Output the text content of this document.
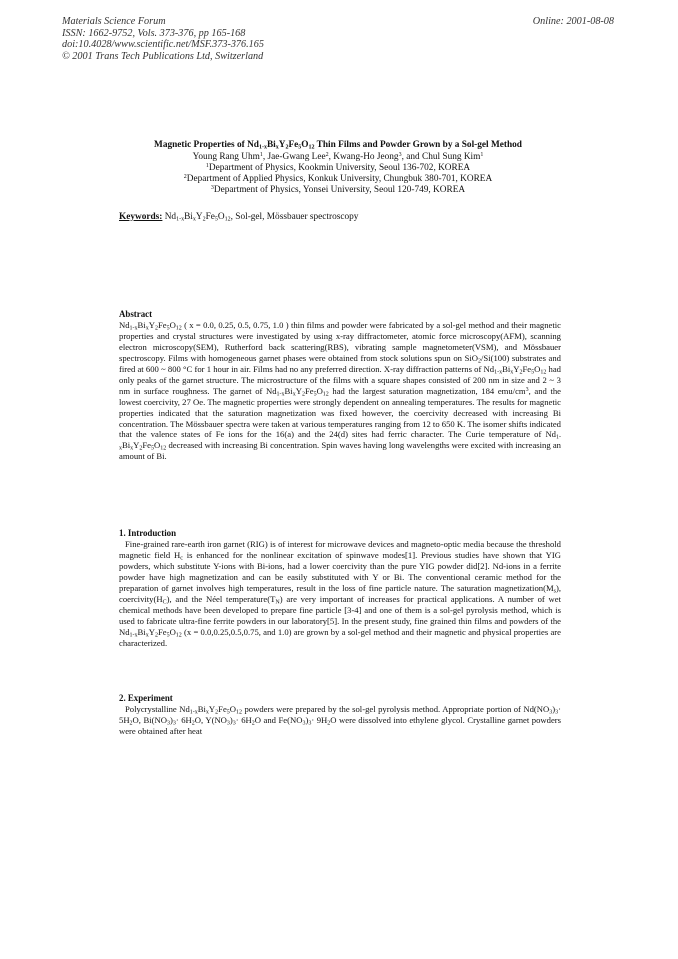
Materials Science Forum
ISSN: 1662-9752, Vols. 373-376, pp 165-168
doi:10.4028/www.scientific.net/MSF.373-376.165
© 2001 Trans Tech Publications Ltd, Switzerland
Online: 2001-08-08
Magnetic Properties of $Nd_{1-x}Bi_xY_2Fe_5O_{12}$ Thin Films and Powder Grown by a Sol-gel Method
Young Rang Uhm$^1$, Jae-Gwang Lee$^2$, Kwang-Ho Jeong$^3$, and Chul Sung Kim$^1$
$^1$Department of Physics, Kookmin University, Seoul 136-702, KOREA
$^2$Department of Applied Physics, Konkuk University, Chungbuk 380-701, KOREA
$^3$Department of Physics, Yonsei University, Seoul 120-749, KOREA
Keywords: $Nd_{1-x}Bi_xY_2Fe_5O_{12}$, Sol-gel, Mössbauer spectroscopy
Abstract

$Nd_{1-x}Bi_xY_2Fe_5O_{12}$ ( x = 0.0, 0.25, 0.5, 0.75, 1.0 ) thin films and powder were fabricated by a sol-gel method and their magnetic properties and crystal structures were investigated by using x-ray diffractometer, atomic force microscopy(AFM), scanning electron microscopy(SEM), Rutherford back scattering(RBS), vibrating sample magnetometer(VSM), and Mössbauer spectroscopy. Films with homogeneous garnet phases were obtained from stock solutions spun on SiO$_2$/Si(100) substrates and fired at 600 ~ 800 °C for 1 hour in air. Films had no any preferred direction. X-ray diffraction patterns of $Nd_{1-x}Bi_xY_2Fe_5O_{12}$ had only peaks of the garnet structure. The microstructure of the films with a square shapes consisted of 200 nm in size and 2 ~ 3 nm in surface roughness. The garnet of $Nd_{1-x}Bi_xY_2Fe_5O_{12}$ had the largest saturation magnetization, 184 emu/$cm^3$, and the lowest coercivity, 27 Oe. The magnetic properties were strongly dependent on annealing temperatures. The results for magnetic properties indicated that the saturation magnetization was fixed however, the coercivity decreased with increasing Bi concentration. The Mössbauer spectra were taken at various temperatures ranging from 12 to 650 K. The isomer shifts indicated that the valence states of Fe ions for the 16(a) and the 24(d) sites had ferric character. The Curie temperature of $Nd_{1-x}Bi_xY_2Fe_5O_{12}$ decreased with increasing Bi concentration. Spin waves having long wavelengths were excited with increasing an amount of Bi.

1. Introduction

Fine-grained rare-earth iron garnet (RIG) is of interest for microwave devices and magneto-optic media because the threshold magnetic field $H_c$ is enhanced for the nonlinear excitation of spinwave modes[1]. Previous studies have shown that YIG powders, which substitute Y-ions with Bi-ions, had a lower coercivity than the pure YIG powder did[2]. Nd-ions in a ferrite powder have high magnetization and can be easily substituted with Y or Bi. The conventional ceramic method for the preparation of garnet involves high temperatures, result in the loss of fine particle nature. The saturation $magnetization(M_s)$, $coercivity(H_C)$, and the Néel $temperature(T_N)$ are very important of increases for practical applications. A number of wet chemical methods have been developed to prepare fine particle [3-4] and one of them is a sol-gel pyrolysis method, which is used to fabricate ultra-fine ferrite powders in our laboratory[5]. In the present study, fine grained thin films and powders of the $Nd_{1-x}Bi_xY_2Fe_5O_{12}$ (x = 0.0,0.25,0.5,0.75, and 1.0) are grown by a sol-gel method and their magnetic and physical properties are characterized.

2. Experiment

Polycrystalline $Nd_{1-x}Bi_xY_2Fe_5O_{12}$ powders were prepared by the sol-gel pyrolysis method. Appropriate portion of $Nd(NO_3)_3\cdot 5H_2O$, $Bi(NO_3)_3\cdot 6H_2O$, $Y(NO_3)_3\cdot 6H_2O$ and $Fe(NO_3)_3\cdot 9H_2O$ were dissolved into ethylene glycol. Crystalline garnet powders were obtained after heat
